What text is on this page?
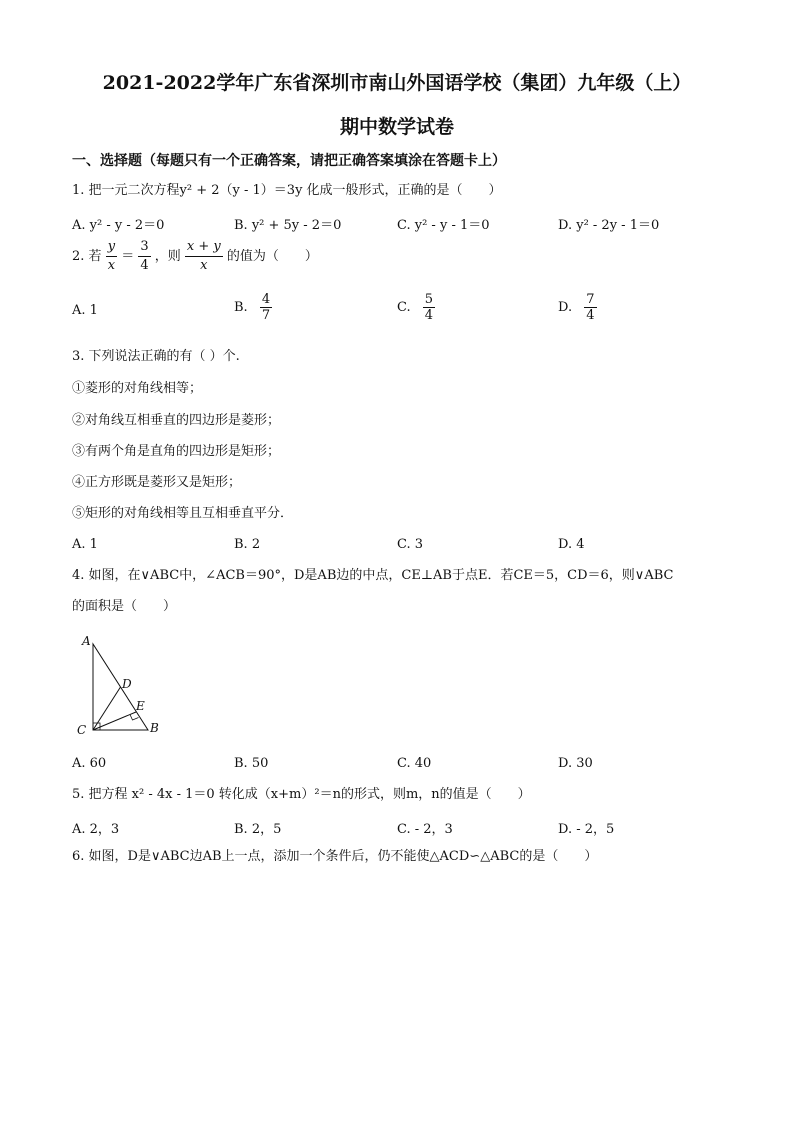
2021-2022学年广东省深圳市南山外国语学校（集团）九年级（上）
期中数学试卷
一、选择题（每题只有一个正确答案，请把正确答案填涂在答题卡上）
1. 把一元二次方程y² + 2（y - 1）＝3y 化成一般形式，正确的是（　　）
A. y² - y - 2＝0	B. y² + 5y - 2＝0	C. y² - y - 1＝0	D. y² - 2y - 1＝0
2. 若 $\frac{y}{x} = \frac{3}{4}$ ，则 $\frac{x + y}{x}$ 的值为（　　）
A. 1	B. $\frac{4}{7}$	C. $\frac{5}{4}$	D. $\frac{7}{4}$
3. 下列说法正确的有（ ）个.
①菱形的对角线相等；
②对角线互相垂直的四边形是菱形；
③有两个角是直角的四边形是矩形；
④正方形既是菱形又是矩形；
⑤矩形的对角线相等且互相垂直平分．
A. 1	B. 2	C. 3	D. 4
4. 如图，在∨ABC中，∠ACB＝90°，D是AB边的中点，CE⊥AB于点E．若CE＝5，CD＝6，则∨ABC
的面积是（　　）
A
D
E
C	B
A. 60	B. 50	C. 40	D. 30
5. 把方程 x² - 4x - 1＝0 转化成（x+m）²＝n的形式，则m，n的值是（　　）
A. 2，3	B. 2，5	C. - 2，3	D. - 2，5
6. 如图，D是∨ABC边AB上一点，添加一个条件后，仍不能使△ACD∽△ABC的是（　　）
